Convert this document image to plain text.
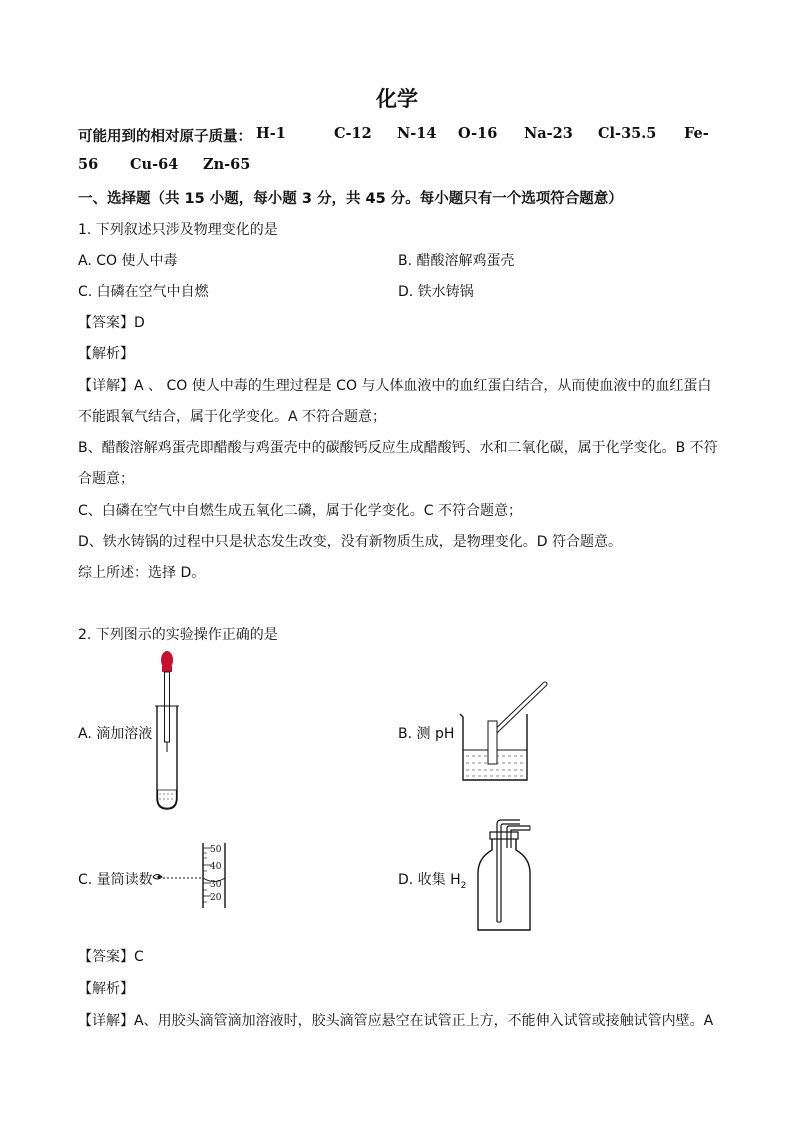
化学
可能用到的相对原子质量： H-1	C-12 N-14 O-16 Na-23 Cl-35.5 Fe-
56 Cu-64 Zn-65
一、选择题（共 15 小题，每小题 3 分，共 45 分。每小题只有一个选项符合题意）
1. 下列叙述只涉及物理变化的是
A. CO 使人中毒	B. 醋酸溶解鸡蛋壳
C. 白磷在空气中自燃	D. 铁水铸锅
【答案】D
【解析】
【详解】A 、 CO 使人中毒的生理过程是 CO 与人体血液中的血红蛋白结合，从而使血液中的血红蛋白
不能跟氧气结合，属于化学变化。A 不符合题意；
B、醋酸溶解鸡蛋壳即醋酸与鸡蛋壳中的碳酸钙反应生成醋酸钙、水和二氧化碳，属于化学变化。B 不符
合题意；
C、白磷在空气中自燃生成五氧化二磷，属于化学变化。C 不符合题意；
D、铁水铸锅的过程中只是状态发生改变，没有新物质生成，是物理变化。D 符合题意。
综上所述：选择 D。
2. 下列图示的实验操作正确的是
A. 滴加溶液	B. 测 pH
C. 量筒读数
50
40
30
20
D. 收集 $H_2$
【答案】C
【解析】
【详解】A、用胶头滴管滴加溶液时，胶头滴管应悬空在试管正上方，不能伸入试管或接触试管内壁。A
